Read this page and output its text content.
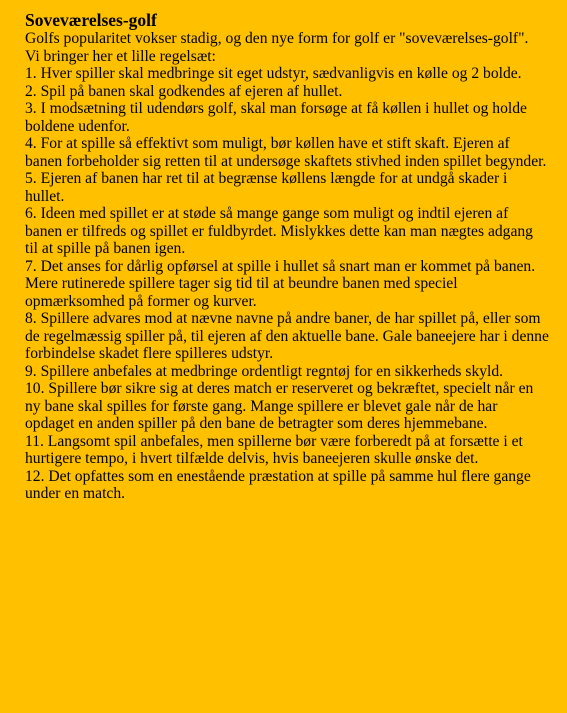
Soveværelses-golf
Golfs popularitet vokser stadig, og den nye form for golf er "soveværelses-golf".
Vi bringer her et lille regelsæt:
1. Hver spiller skal medbringe sit eget udstyr, sædvanligvis en kølle og 2 bolde.
2. Spil på banen skal godkendes af ejeren af hullet.
3. I modsætning til udendørs golf, skal man forsøge at få køllen i hullet og holde boldene udenfor.
4. For at spille så effektivt som muligt, bør køllen have et stift skaft. Ejeren af banen forbeholder sig retten til at undersøge skaftets stivhed inden spillet begynder.
5. Ejeren af banen har ret til at begrænse køllens længde for at undgå skader i hullet.
6. Ideen med spillet er at støde så mange gange som muligt og indtil ejeren af banen er tilfreds og spillet er fuldbyrdet. Mislykkes dette kan man nægtes adgang til at spille på banen igen.
7. Det anses for dårlig opførsel at spille i hullet så snart man er kommet på banen. Mere rutinerede spillere tager sig tid til at beundre banen med speciel opmærksomhed på former og kurver.
8. Spillere advares mod at nævne navne på andre baner, de har spillet på, eller som de regelmæssig spiller på, til ejeren af den aktuelle bane. Gale baneejere har i denne forbindelse skadet flere spilleres udstyr.
9. Spillere anbefales at medbringe ordentligt regntøj for en sikkerheds skyld.
10. Spillere bør sikre sig at deres match er reserveret og bekræftet, specielt når en ny bane skal spilles for første gang. Mange spillere er blevet gale når de har opdaget en anden spiller på den bane de betragter som deres hjemmebane.
11. Langsomt spil anbefales, men spillerne bør være forberedt på at forsætte i et hurtigere tempo, i hvert tilfælde delvis, hvis baneejeren skulle ønske det.
12. Det opfattes som en enestående præstation at spille på samme hul flere gange under en match.
